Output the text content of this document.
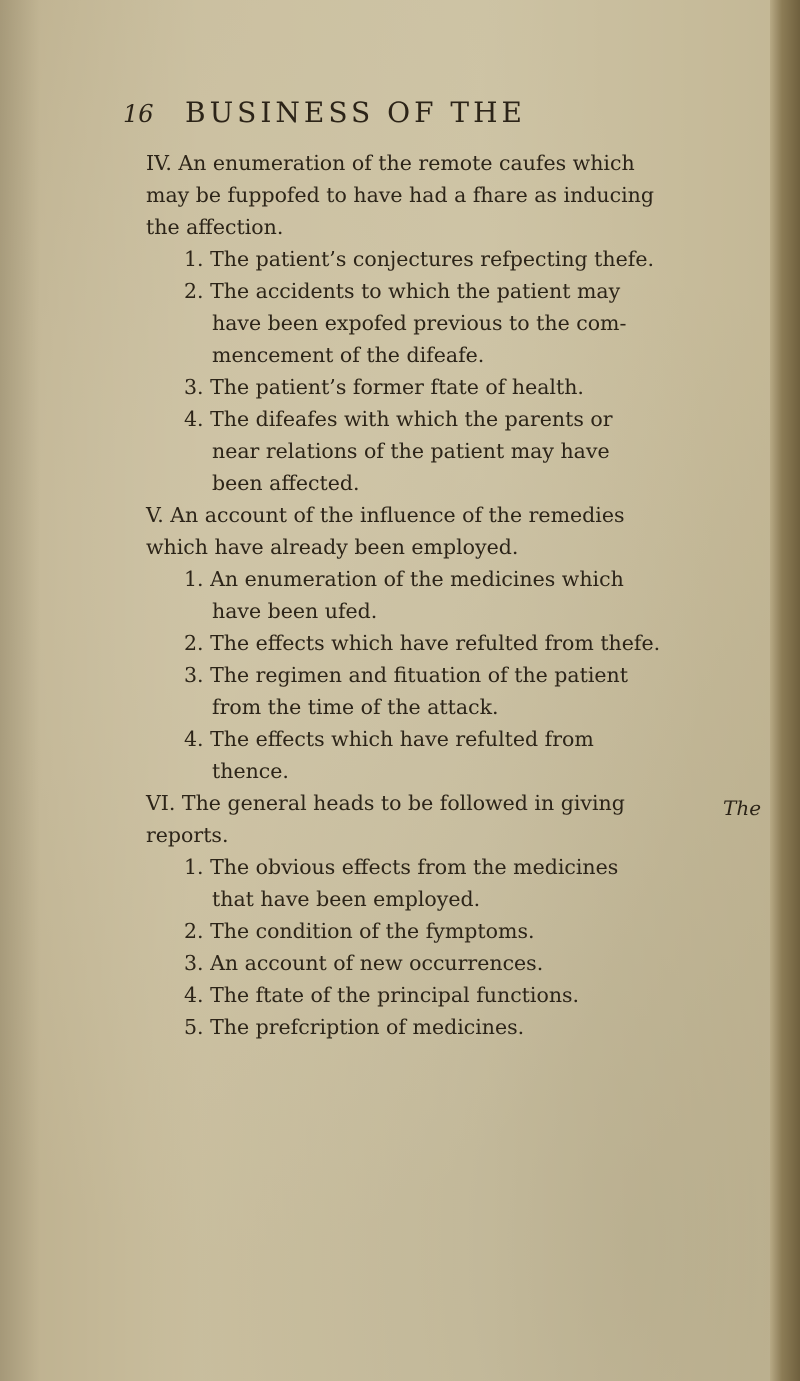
16 BUSINESS OF THE
IV. An enumeration of the remote caufes which
may be fuppofed to have had a fhare as inducing
the affection.
1. The patient’s conjectures refpecting thefe.
2. The accidents to which the patient may
have been expofed previous to the com-
mencement of the difeafe.
3. The patient’s former ftate of health.
4. The difeafes with which the parents or
near relations of the patient may have
been affected.
V. An account of the influence of the remedies
which have already been employed.
1. An enumeration of the medicines which
have been ufed.
2. The effects which have refulted from thefe.
3. The regimen and fituation of the patient
from the time of the attack.
4. The effects which have refulted from
thence.
VI. The general heads to be followed in giving
reports.
1. The obvious effects from the medicines
that have been employed.
2. The condition of the fymptoms.
3. An account of new occurrences.
4. The ftate of the principal functions.
5. The prefcription of medicines.
The
